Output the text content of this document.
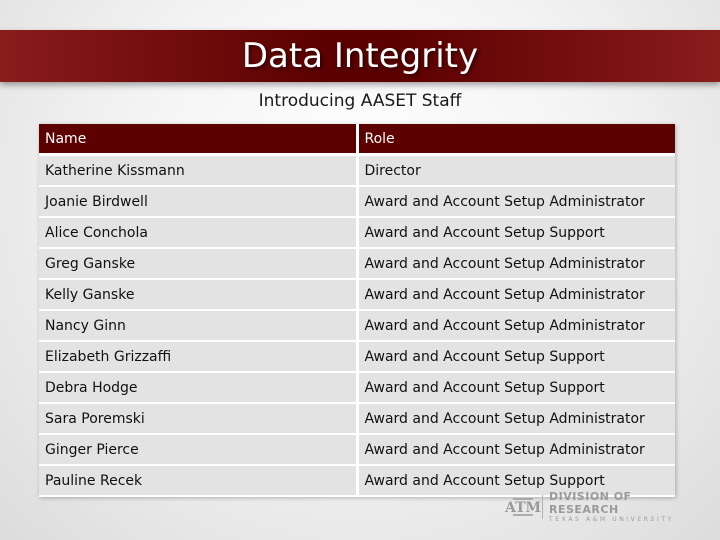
Data Integrity
Introducing AASET Staff
Name	Role
Katherine Kissmann	Director
Joanie Birdwell	Award and Account Setup Administrator
Alice Conchola	Award and Account Setup Support
Greg Ganske	Award and Account Setup Administrator
Kelly Ganske	Award and Account Setup Administrator
Nancy Ginn	Award and Account Setup Administrator
Elizabeth Grizzaffi	Award and Account Setup Support
Debra Hodge	Award and Account Setup Support
Sara Poremski	Award and Account Setup Administrator
Ginger Pierce	Award and Account Setup Administrator
Pauline Recek	Award and Account Setup Support
ATM
DIVISION OF RESEARCH
TEXAS A&M UNIVERSITY
